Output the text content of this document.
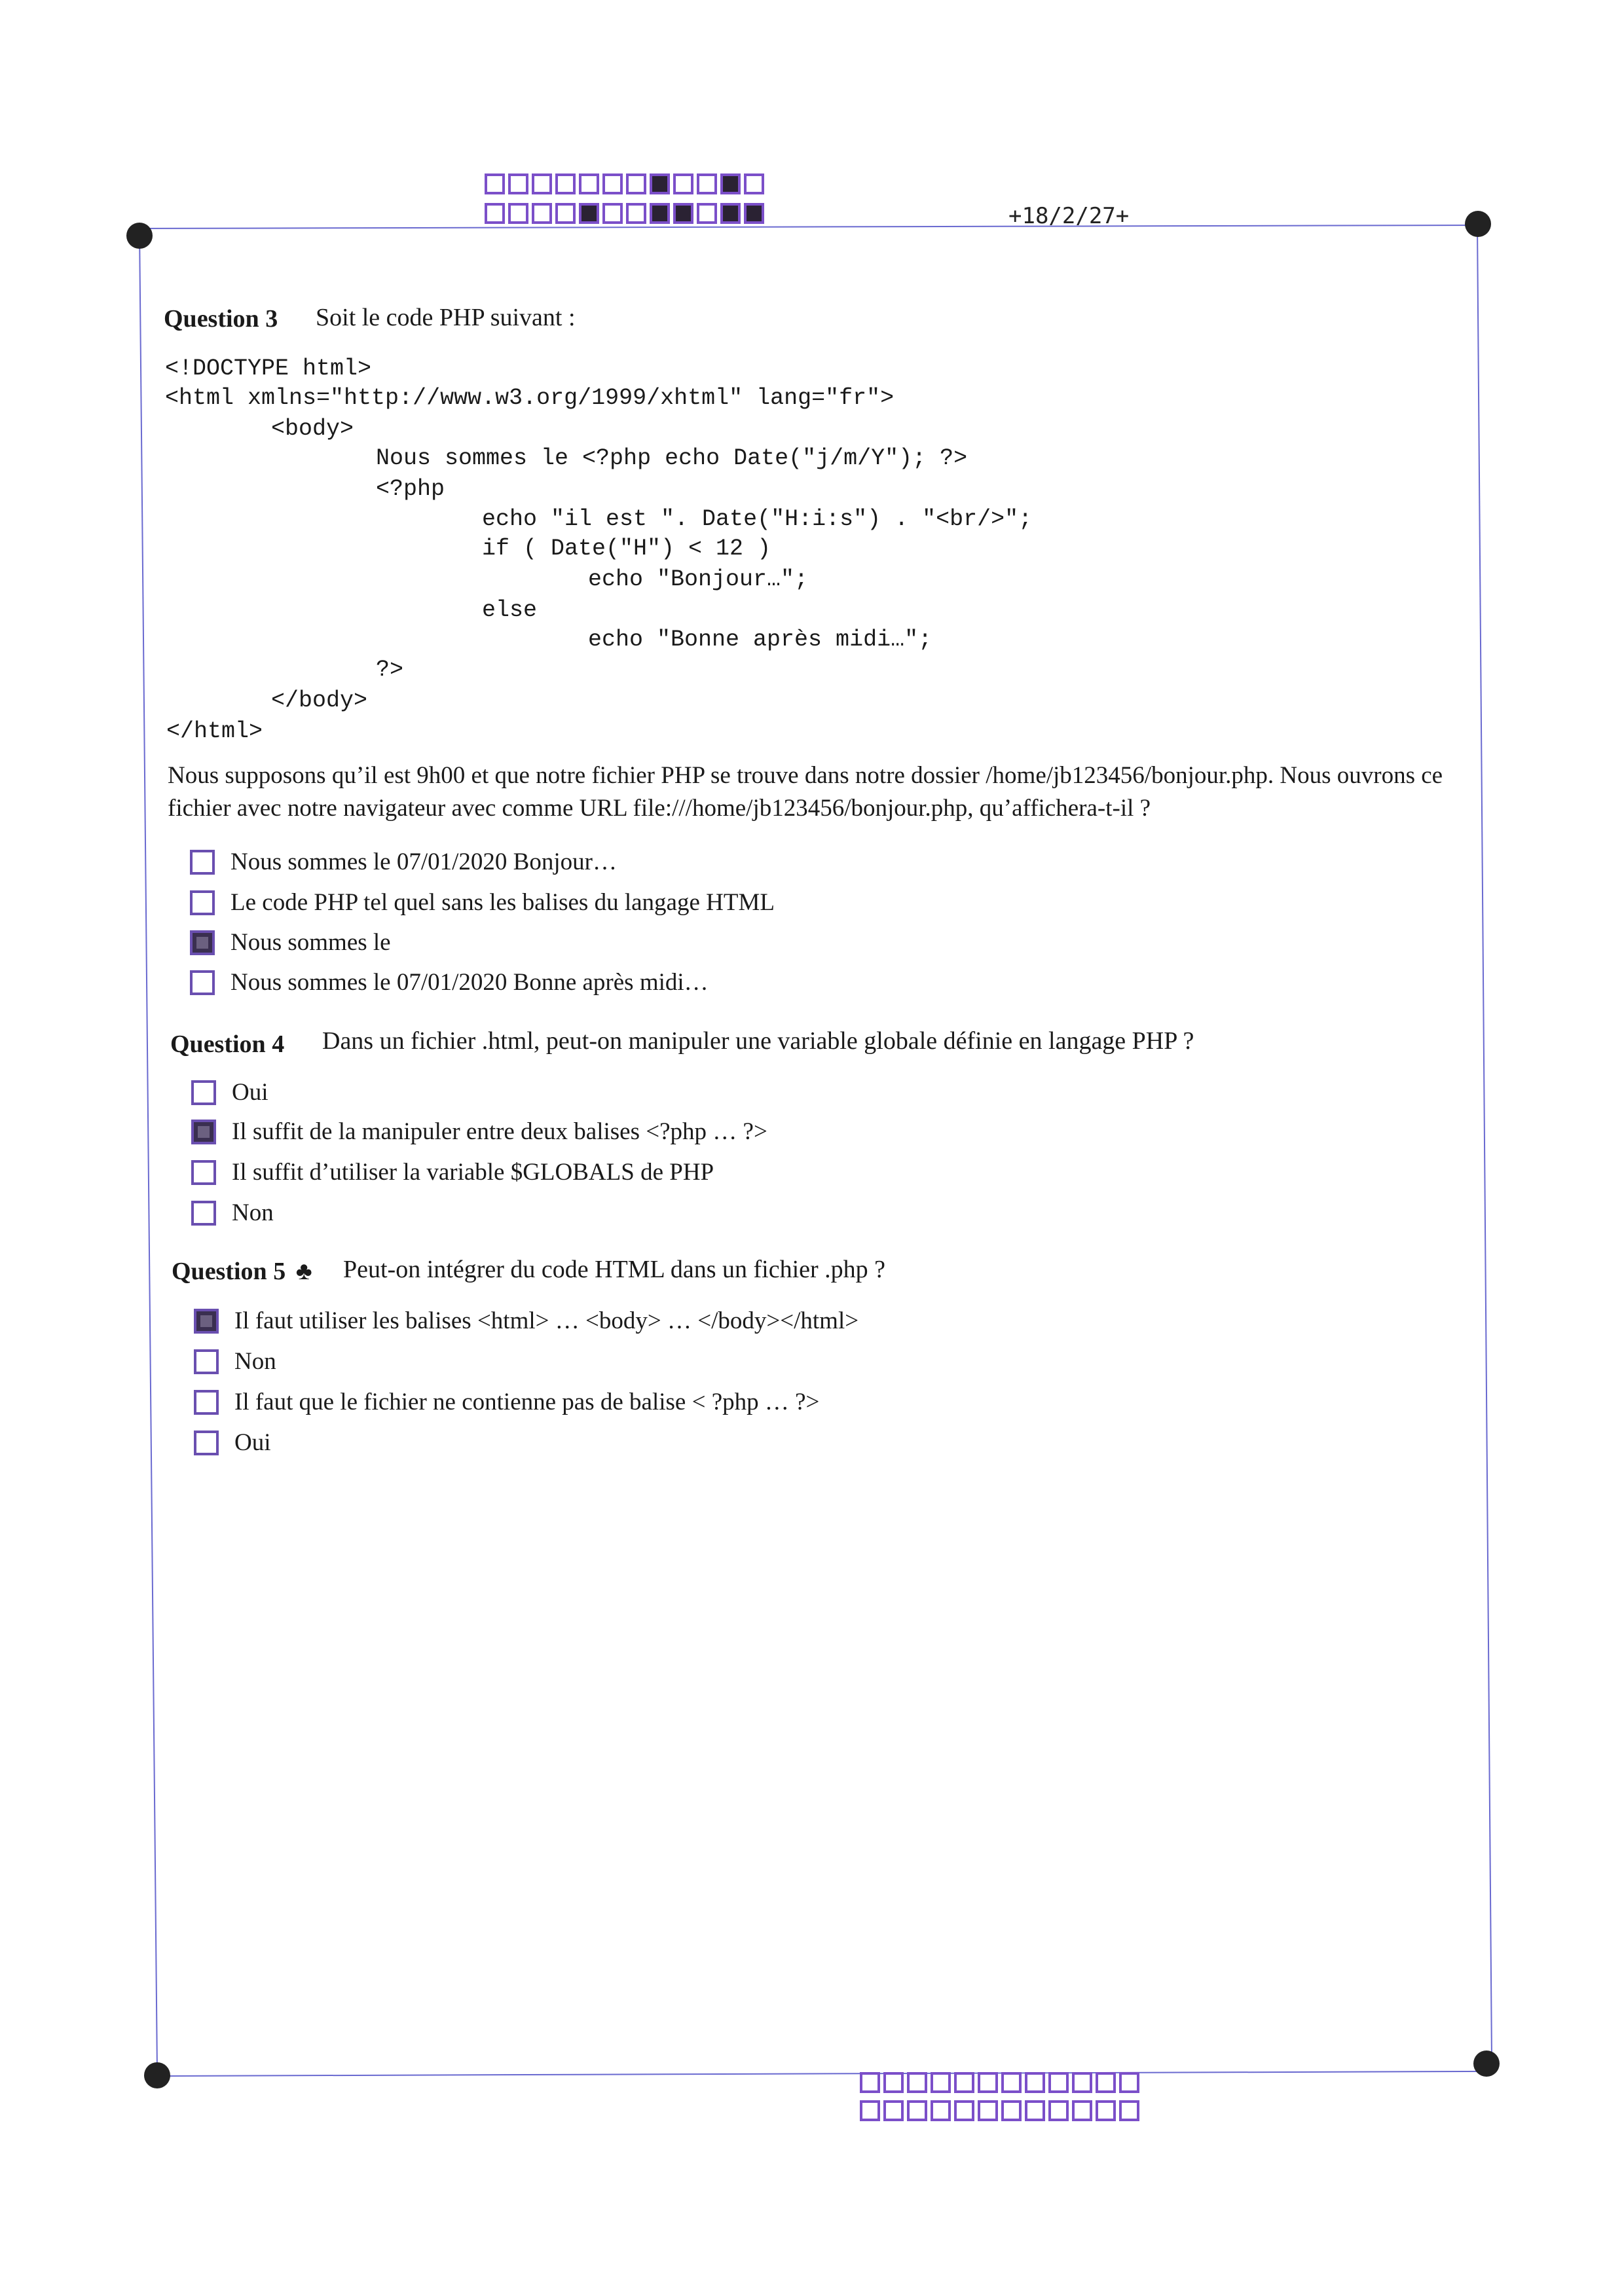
+18/2/27+
Question 3 Soit le code PHP suivant :
<!DOCTYPE html>
<html xmlns="http://www.w3.org/1999/xhtml" lang="fr">
<body>
Nous sommes le <?php echo Date("j/m/Y"); ?>
<?php
echo "il est ". Date("H:i:s") . "<br/>";
if ( Date("H") < 12 )
echo "Bonjour…";
else
echo "Bonne après midi…";
?>
</body>
</html>
Nous supposons qu’il est 9h00 et que notre fichier PHP se trouve dans notre dossier /home/jb123456/bonjour.php. Nous ouvrons ce fichier avec notre navigateur avec comme URL file:///home/jb123456/bonjour.php, qu’affichera-t-il ?
Nous sommes le 07/01/2020 Bonjour…
Le code PHP tel quel sans les balises du langage HTML
Nous sommes le
Nous sommes le 07/01/2020 Bonne après midi…
Question 4 Dans un fichier .html, peut-on manipuler une variable globale définie en langage PHP ?
Oui
Il suffit de la manipuler entre deux balises <?php … ?>
Il suffit d’utiliser la variable $GLOBALS de PHP
Non
Question 5 ♣ Peut-on intégrer du code HTML dans un fichier .php ?
Il faut utiliser les balises <html> … <body> … </body></html>
Non
Il faut que le fichier ne contienne pas de balise < ?php … ?>
Oui
